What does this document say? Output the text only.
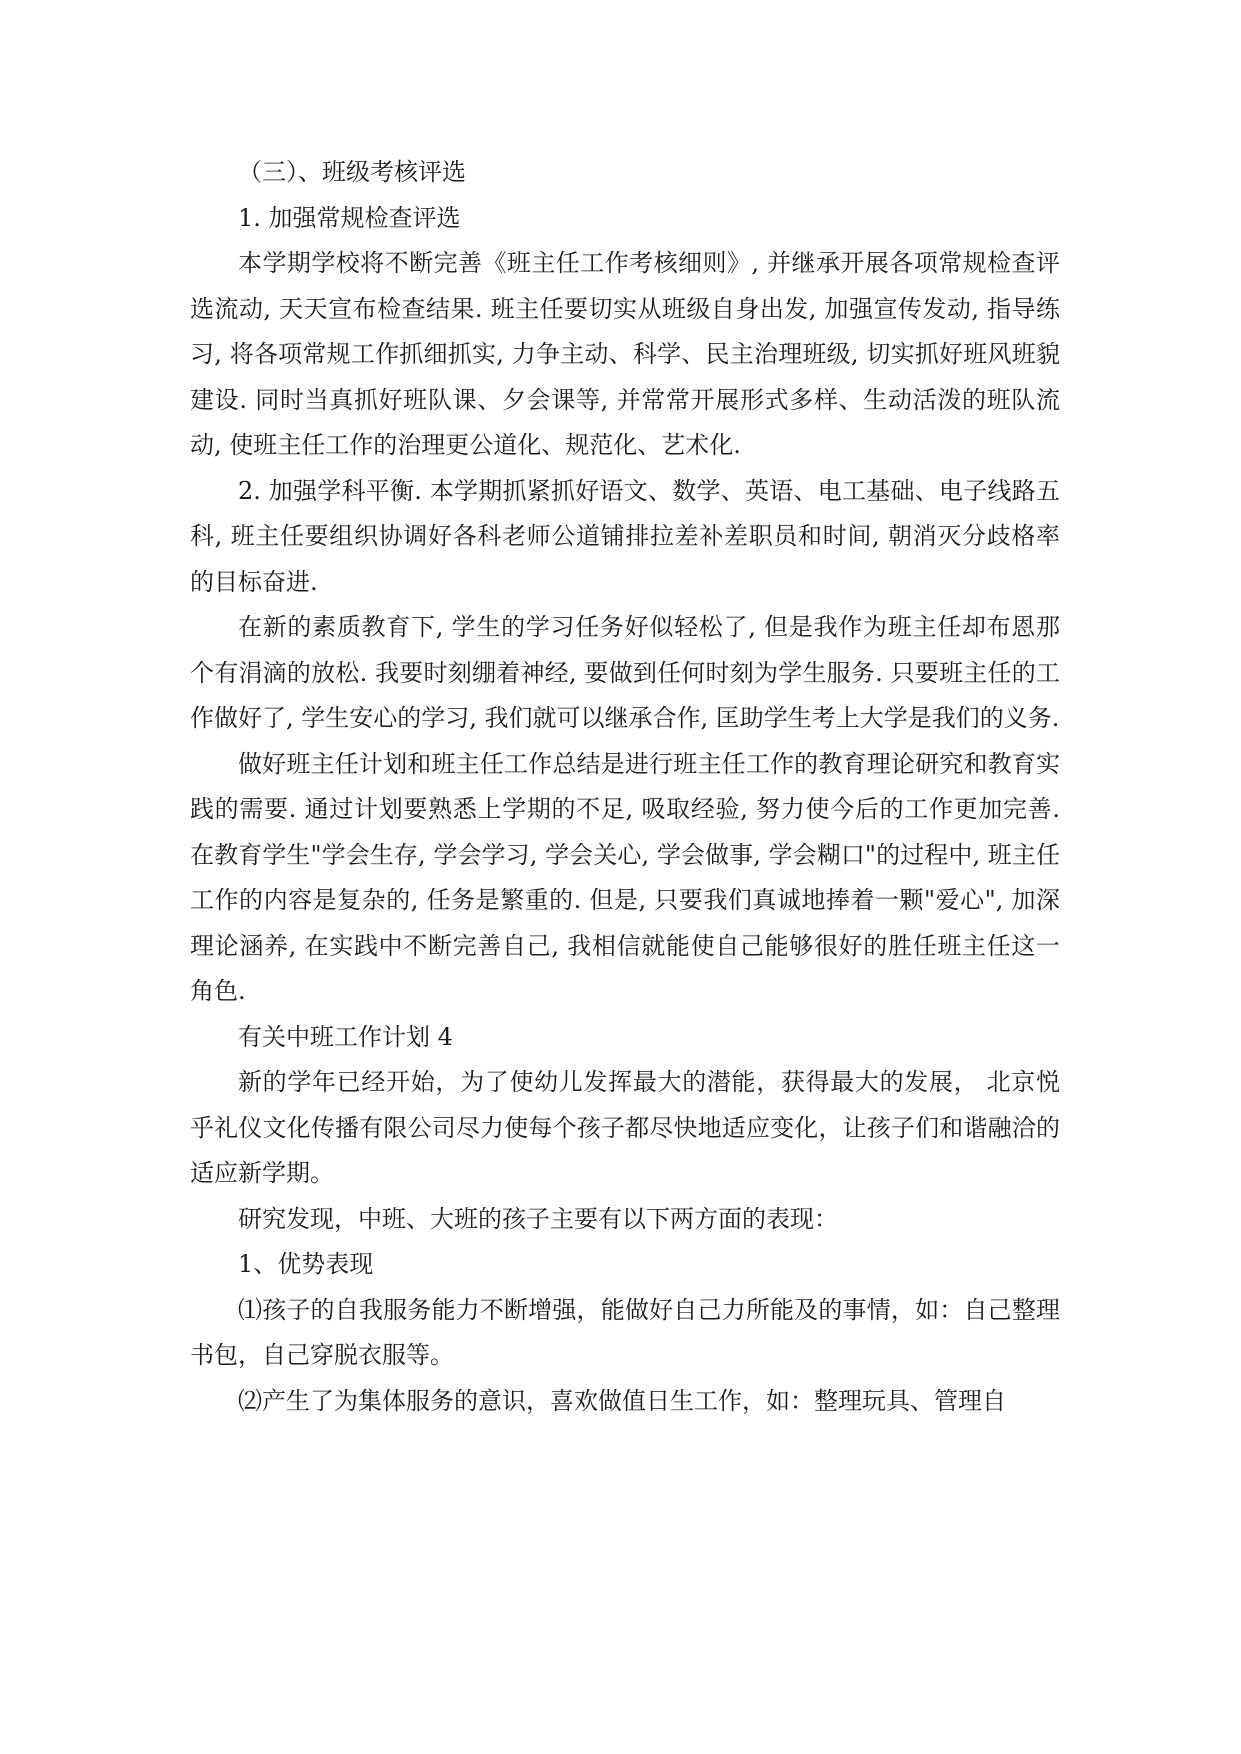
（三）、班级考核评选

1. 加强常规检查评选

本学期学校将不断完善《班主任工作考核细则》, 并继承开展各项常规检查评选流动, 天天宣布检查结果. 班主任要切实从班级自身出发, 加强宣传发动, 指导练习, 将各项常规工作抓细抓实, 力争主动、科学、民主治理班级, 切实抓好班风班貌建设. 同时当真抓好班队课、夕会课等, 并常常开展形式多样、生动活泼的班队流动, 使班主任工作的治理更公道化、规范化、艺术化.

2. 加强学科平衡. 本学期抓紧抓好语文、数学、英语、电工基础、电子线路五科, 班主任要组织协调好各科老师公道铺排拉差补差职员和时间, 朝消灭分歧格率的目标奋进.

在新的素质教育下, 学生的学习任务好似轻松了, 但是我作为班主任却布恩那个有涓滴的放松. 我要时刻绷着神经, 要做到任何时刻为学生服务. 只要班主任的工作做好了, 学生安心的学习, 我们就可以继承合作, 匡助学生考上大学是我们的义务.

做好班主任计划和班主任工作总结是进行班主任工作的教育理论研究和教育实践的需要. 通过计划要熟悉上学期的不足, 吸取经验, 努力使今后的工作更加完善. 在教育学生"学会生存, 学会学习, 学会关心, 学会做事, 学会糊口"的过程中, 班主任工作的内容是复杂的, 任务是繁重的. 但是, 只要我们真诚地捧着一颗"爱心", 加深理论涵养, 在实践中不断完善自己, 我相信就能使自己能够很好的胜任班主任这一角色.

有关中班工作计划 4

新的学年已经开始，为了使幼儿发挥最大的潜能，获得最大的发展， 北京悦乎礼仪文化传播有限公司尽力使每个孩子都尽快地适应变化，让孩子们和谐融洽的适应新学期。

研究发现，中班、大班的孩子主要有以下两方面的表现：

1、优势表现

⑴孩子的自我服务能力不断增强，能做好自己力所能及的事情，如：自己整理书包，自己穿脱衣服等。

⑵产生了为集体服务的意识，喜欢做值日生工作，如：整理玩具、管理自
